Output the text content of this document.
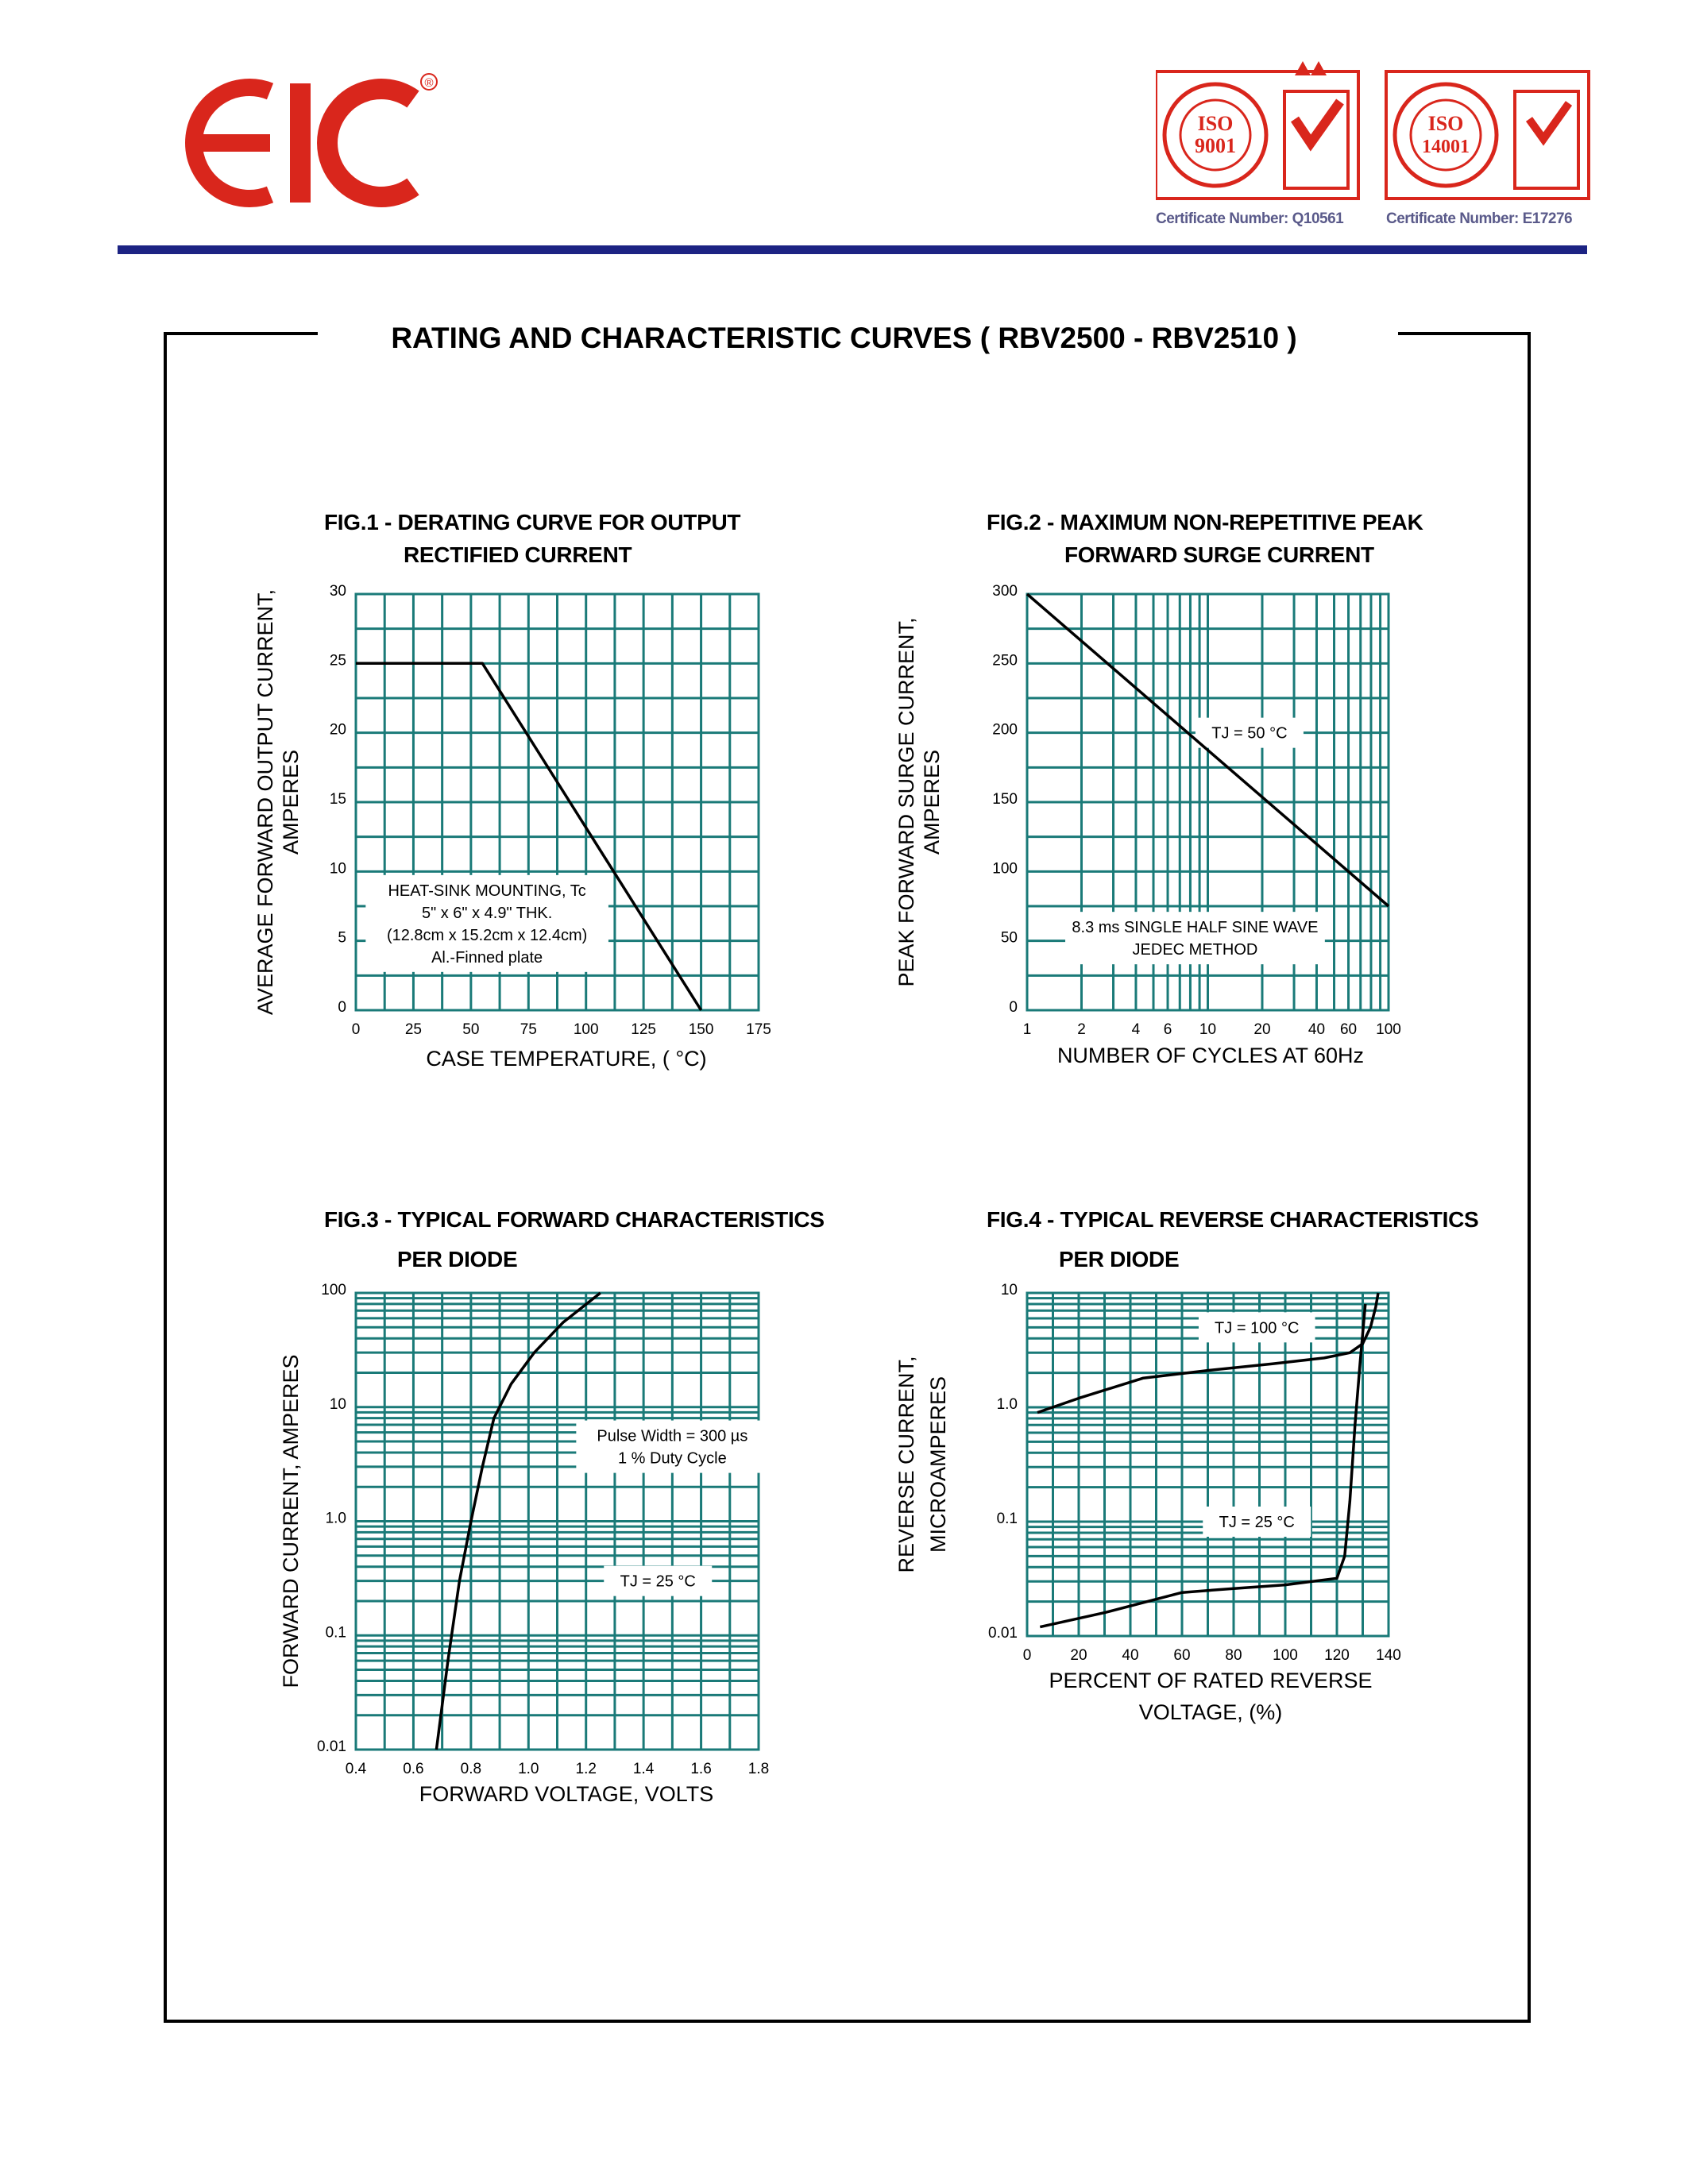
®
ISO
9001
ISO
14001
Certificate Number: Q10561	Certificate Number: E17276
RATING AND CHARACTERISTIC CURVES ( RBV2500 - RBV2510 )
FIG.1 - DERATING CURVE FOR OUTPUT
RECTIFIED CURRENT
FIG.2 - MAXIMUM NON-REPETITIVE PEAK
FORWARD SURGE CURRENT
FIG.3 - TYPICAL FORWARD CHARACTERISTICS
PER DIODE
FIG.4 - TYPICAL REVERSE CHARACTERISTICS
PER DIODE
0	25	50	75 100 125 150 175
0
5
10
15
20
25
30
HEAT-SINK MOUNTING, Tc
5" x 6" x 4.9" THK.
(12.8cm x 15.2cm x 12.4cm)
Al.-Finned plate
AVERAGE FORWARD OUTPUT CURRENT, AMPERES
CASE TEMPERATURE, ( °C)
1	2	4 6 10 20 40 60 100
0
50
100
150
200
250
300
TJ = 50 °C
8.3 ms SINGLE HALF SINE WAVE
JEDEC METHOD
PEAK FORWARD SURGE CURRENT, AMPERES
NUMBER OF CYCLES AT 60Hz
0.4 0.6 0.8 1.0 1.2 1.4 1.6 1.8
0.01
0.1
1.0
10
100
Pulse Width = 300 µs
1 % Duty Cycle
TJ = 25 °C
FORWARD CURRENT, AMPERES
FORWARD VOLTAGE, VOLTS
0	20 40 60 80 100 120 140
0.01
0.1
1.0
10
TJ = 100 °C
TJ = 25 °C
REVERSE CURRENT, MICROAMPERES
PERCENT OF RATED REVERSE
VOLTAGE, (%)
